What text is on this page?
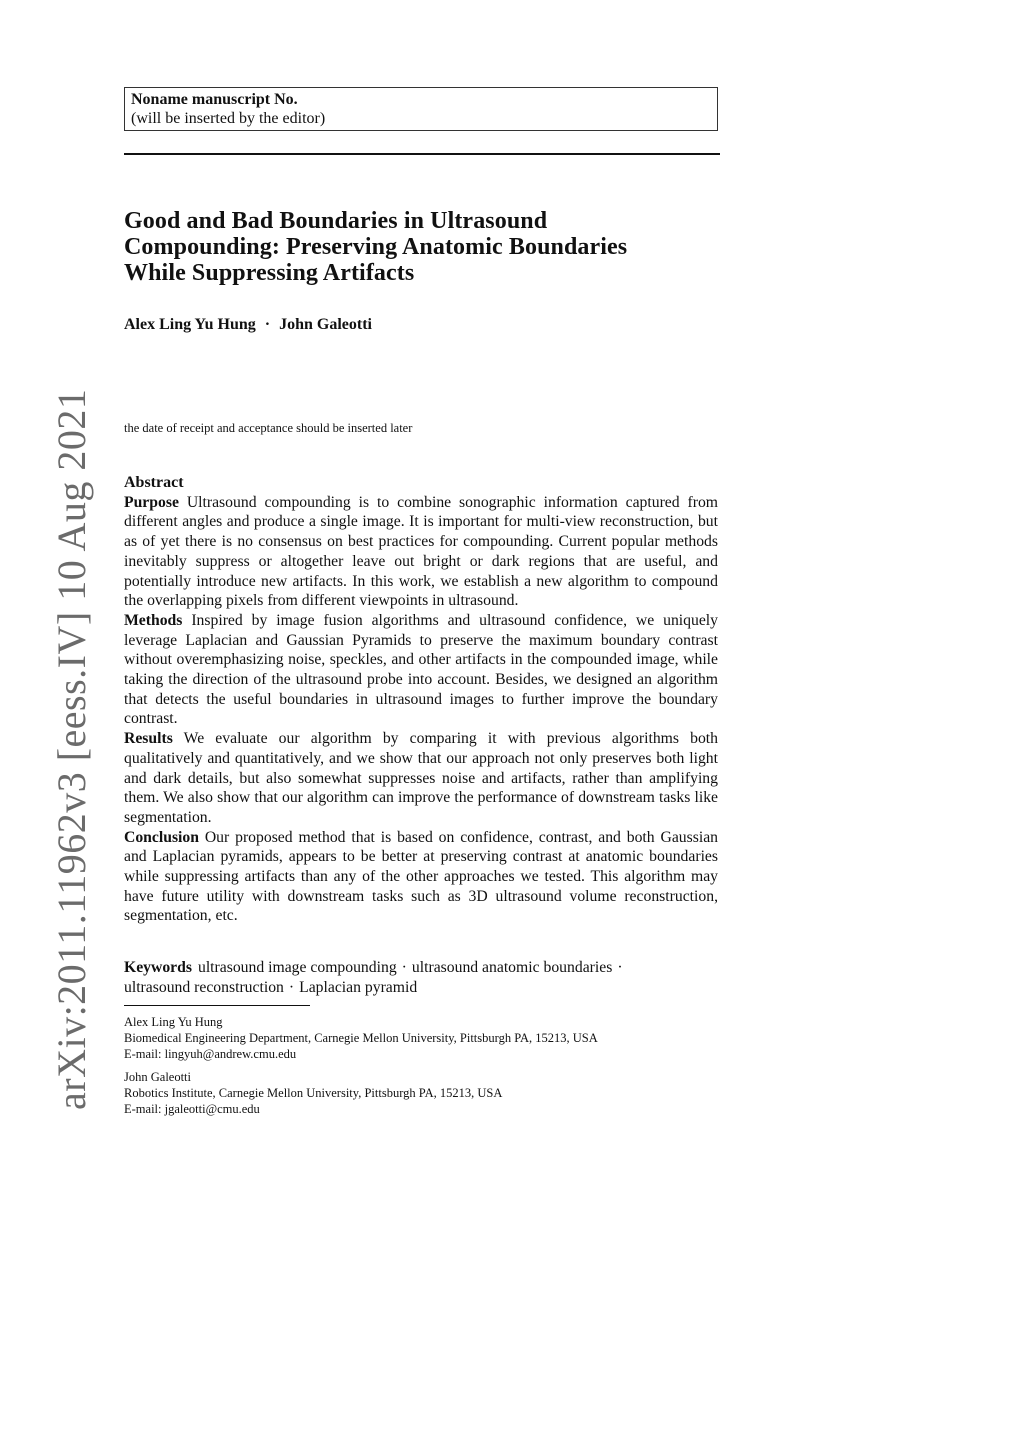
arXiv:2011.11962v3 [eess.IV] 10 Aug 2021
Noname manuscript No.
(will be inserted by the editor)
Good and Bad Boundaries in Ultrasound
Compounding: Preserving Anatomic Boundaries
While Suppressing Artifacts
Alex Ling Yu Hung · John Galeotti
the date of receipt and acceptance should be inserted later
Abstract

Purpose Ultrasound compounding is to combine sonographic information captured from different angles and produce a single image. It is important for multi-view reconstruction, but as of yet there is no consensus on best practices for compounding. Current popular methods inevitably suppress or altogether leave out bright or dark regions that are useful, and potentially introduce new artifacts. In this work, we establish a new algorithm to compound the overlapping pixels from different viewpoints in ultrasound.

Methods Inspired by image fusion algorithms and ultrasound confidence, we uniquely leverage Laplacian and Gaussian Pyramids to preserve the maximum boundary contrast without overemphasizing noise, speckles, and other artifacts in the compounded image, while taking the direction of the ultrasound probe into account. Besides, we designed an algorithm that detects the useful boundaries in ultrasound images to further improve the boundary contrast.

Results We evaluate our algorithm by comparing it with previous algorithms both qualitatively and quantitatively, and we show that our approach not only preserves both light and dark details, but also somewhat suppresses noise and artifacts, rather than amplifying them. We also show that our algorithm can improve the performance of downstream tasks like segmentation.

Conclusion Our proposed method that is based on confidence, contrast, and both Gaussian and Laplacian pyramids, appears to be better at preserving contrast at anatomic boundaries while suppressing artifacts than any of the other approaches we tested. This algorithm may have future utility with downstream tasks such as 3D ultrasound volume reconstruction, segmentation, etc.

Keywords ultrasound image compounding · ultrasound anatomic boundaries ·
ultrasound reconstruction · Laplacian pyramid
Alex Ling Yu Hung
Biomedical Engineering Department, Carnegie Mellon University, Pittsburgh PA, 15213, USA
E-mail: lingyuh@andrew.cmu.edu
John Galeotti
Robotics Institute, Carnegie Mellon University, Pittsburgh PA, 15213, USA
E-mail: jgaleotti@cmu.edu
